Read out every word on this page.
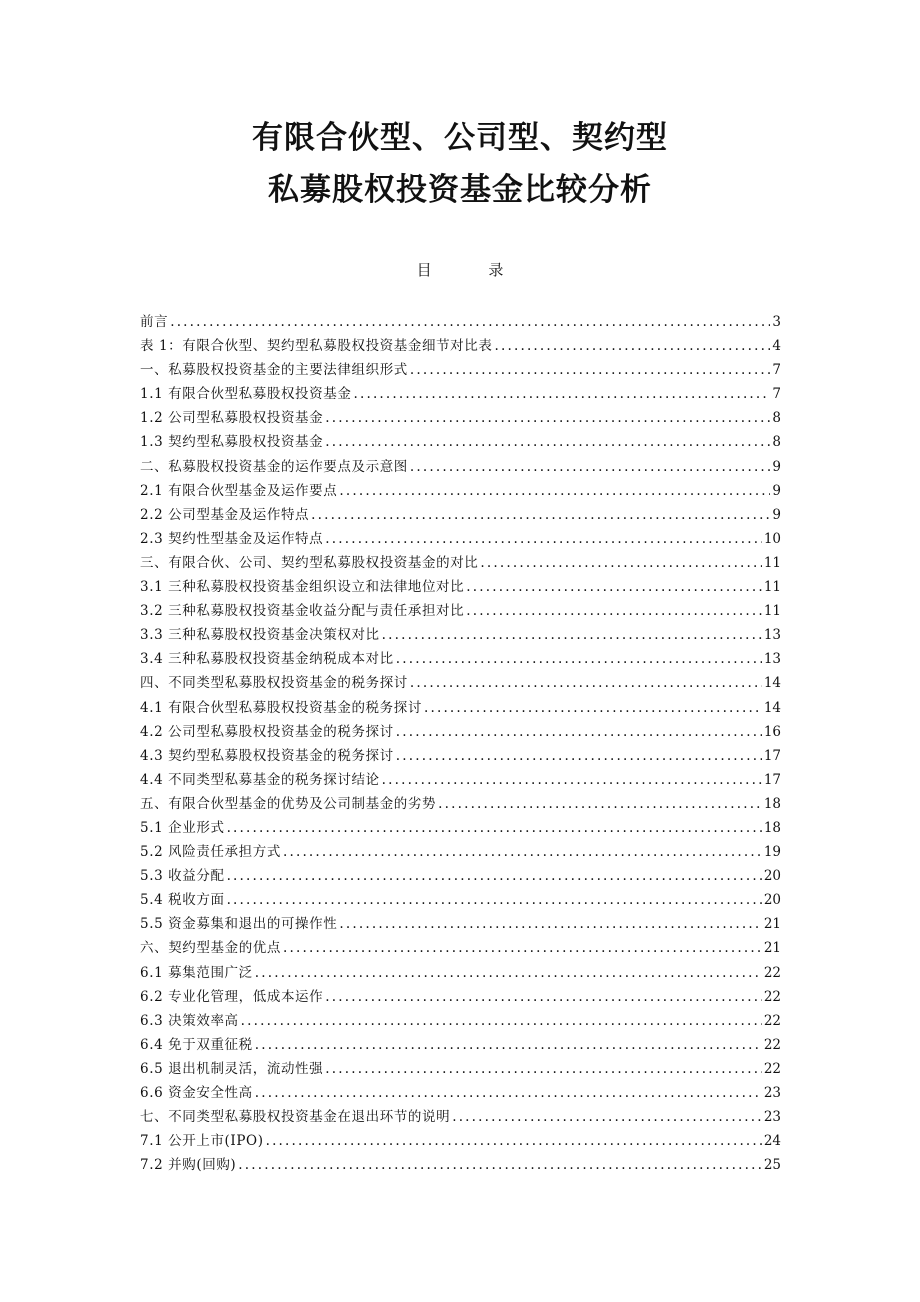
有限合伙型、公司型、契约型
私募股权投资基金比较分析
目 录
前言 .....	3
表 1：有限合伙型、契约型私募股权投资基金细节对比表 .....	4
一、私募股权投资基金的主要法律组织形式 .....	7
1.1 有限合伙型私募股权投资基金 .....	7
1.2 公司型私募股权投资基金 .....	8
1.3 契约型私募股权投资基金 .....	8
二、私募股权投资基金的运作要点及示意图 .....	9
2.1 有限合伙型基金及运作要点 .....	9
2.2 公司型基金及运作特点 .....	9
2.3 契约性型基金及运作特点 .....	10
三、有限合伙、公司、契约型私募股权投资基金的对比 .....	11
3.1 三种私募股权投资基金组织设立和法律地位对比 .....	11
3.2 三种私募股权投资基金收益分配与责任承担对比 .....	11
3.3 三种私募股权投资基金决策权对比 .....	13
3.4 三种私募股权投资基金纳税成本对比 .....	13
四、不同类型私募股权投资基金的税务探讨 .....	14
4.1 有限合伙型私募股权投资基金的税务探讨 .....	14
4.2 公司型私募股权投资基金的税务探讨 .....	16
4.3 契约型私募股权投资基金的税务探讨 .....	17
4.4 不同类型私募基金的税务探讨结论 .....	17
五、有限合伙型基金的优势及公司制基金的劣势 .....	18
5.1 企业形式 .....	18
5.2 风险责任承担方式 .....	19
5.3 收益分配 .....	20
5.4 税收方面 .....	20
5.5 资金募集和退出的可操作性 .....	21
六、契约型基金的优点 .....	21
6.1 募集范围广泛 .....	22
6.2 专业化管理，低成本运作 .....	22
6.3 决策效率高 .....	22
6.4 免于双重征税 .....	22
6.5 退出机制灵活，流动性强 .....	22
6.6 资金安全性高 .....	23
七、不同类型私募股权投资基金在退出环节的说明 .....	23
7.1 公开上市(IPO) .....	24
7.2 并购(回购) .....	25
